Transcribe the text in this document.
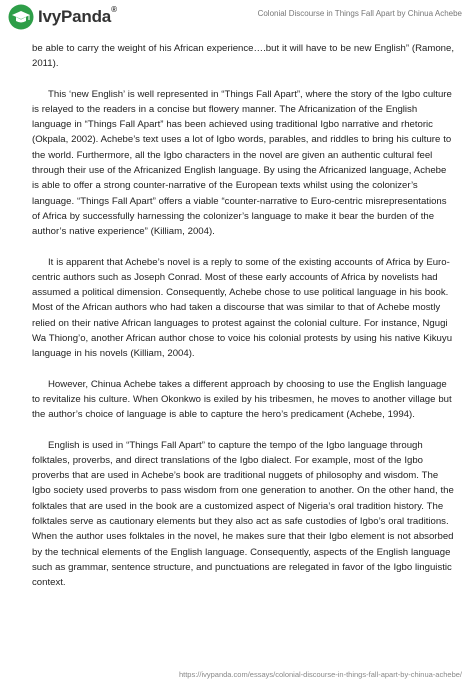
IvyPanda®	Colonial Discourse in Things Fall Apart by Chinua Achebe

be able to carry the weight of his African experience….but it will have to be new English” (Ramone, 2011).

This ‘new English’ is well represented in “Things Fall Apart”, where the story of the Igbo culture is relayed to the readers in a concise but flowery manner. The Africanization of the English language in “Things Fall Apart” has been achieved using traditional Igbo narrative and rhetoric (Okpala, 2002). Achebe’s text uses a lot of Igbo words, parables, and riddles to bring his culture to the world. Furthermore, all the Igbo characters in the novel are given an authentic cultural feel through their use of the Africanized English language. By using the Africanized language, Achebe is able to offer a strong counter-narrative of the European texts whilst using the colonizer’s language. “Things Fall Apart” offers a viable “counter-narrative to Euro-centric misrepresentations of Africa by successfully harnessing the colonizer’s language to make it bear the burden of the author’s native experience” (Killiam, 2004).

It is apparent that Achebe’s novel is a reply to some of the existing accounts of Africa by Euro-centric authors such as Joseph Conrad. Most of these early accounts of Africa by novelists had assumed a political dimension. Consequently, Achebe chose to use political language in his book. Most of the African authors who had taken a discourse that was similar to that of Achebe mostly relied on their native African languages to protest against the colonial culture. For instance, Ngugi Wa Thiong’o, another African author chose to voice his colonial protests by using his native Kikuyu language in his novels (Killiam, 2004).

However, Chinua Achebe takes a different approach by choosing to use the English language to revitalize his culture. When Okonkwo is exiled by his tribesmen, he moves to another village but the author’s choice of language is able to capture the hero’s predicament (Achebe, 1994).

English is used in “Things Fall Apart” to capture the tempo of the Igbo language through folktales, proverbs, and direct translations of the Igbo dialect. For example, most of the Igbo proverbs that are used in Achebe’s book are traditional nuggets of philosophy and wisdom. The Igbo society used proverbs to pass wisdom from one generation to another. On the other hand, the folktales that are used in the book are a customized aspect of Nigeria’s oral tradition history. The folktales serve as cautionary elements but they also act as safe custodies of Igbo’s oral traditions. When the author uses folktales in the novel, he makes sure that their Igbo element is not absorbed by the technical elements of the English language. Consequently, aspects of the English language such as grammar, sentence structure, and punctuations are relegated in favor of the Igbo linguistic context.

https://ivypanda.com/essays/colonial-discourse-in-things-fall-apart-by-chinua-achebe/
